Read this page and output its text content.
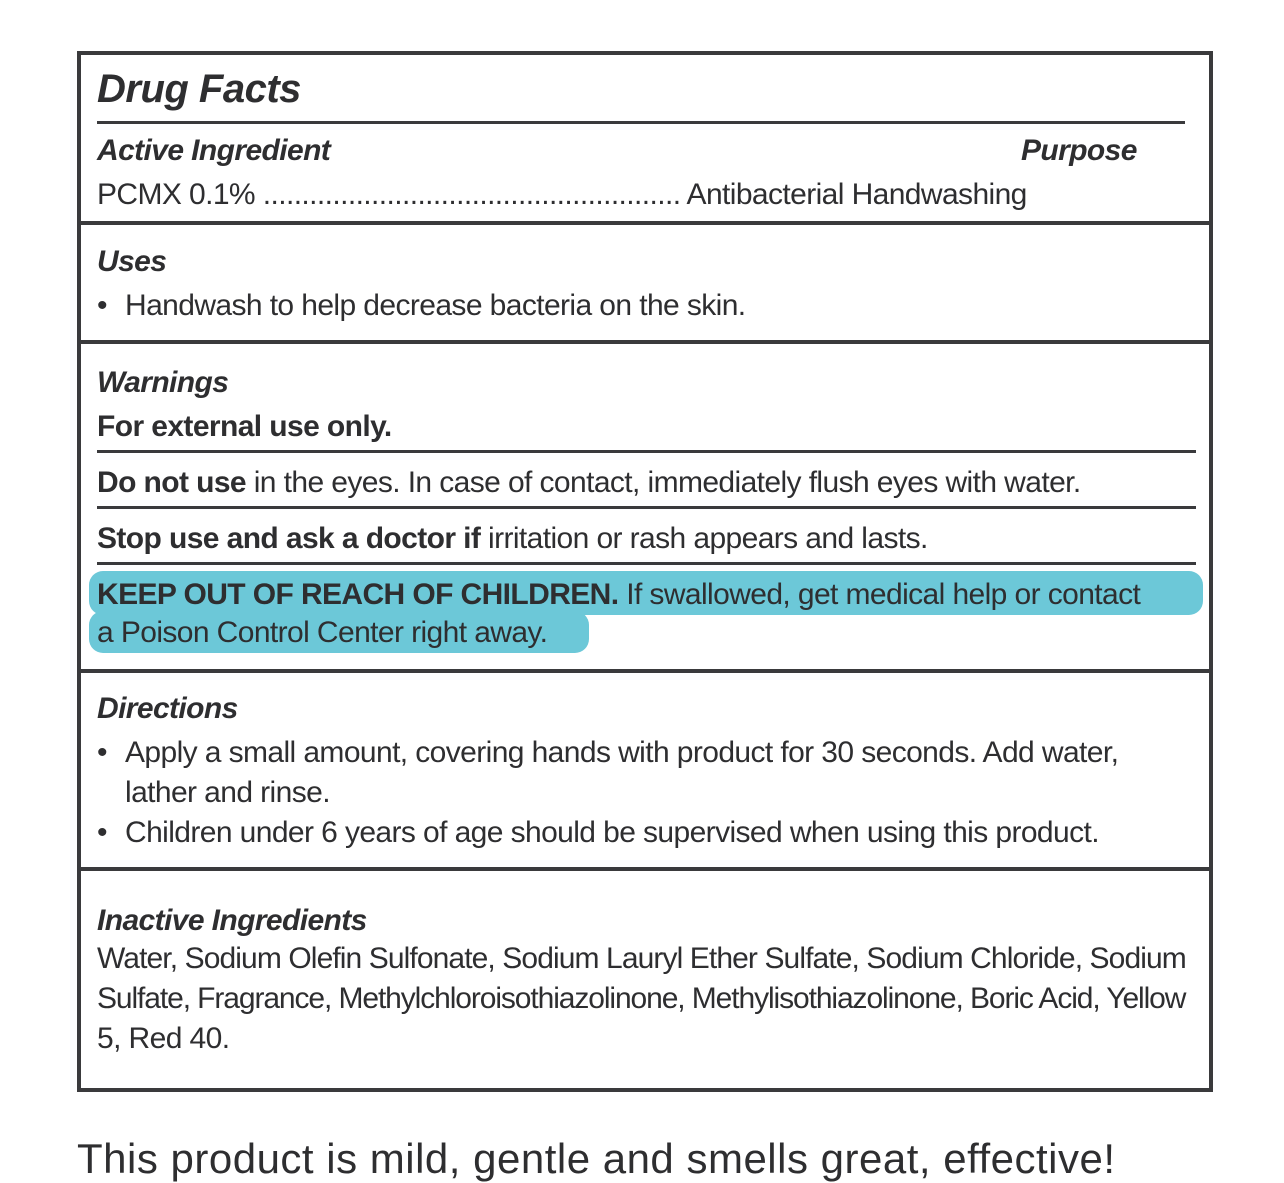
Drug Facts
Active Ingredient	Purpose
PCMX 0.1% ...................................................... Antibacterial Handwashing
Uses
• Handwash to help decrease bacteria on the skin.
Warnings
For external use only.
Do not use in the eyes. In case of contact, immediately flush eyes with water.
Stop use and ask a doctor if irritation or rash appears and lasts.
KEEP OUT OF REACH OF CHILDREN. If swallowed, get medical help or contact
a Poison Control Center right away.
Directions
• Apply a small amount, covering hands with product for 30 seconds. Add water,
lather and rinse.
• Children under 6 years of age should be supervised when using this product.
Inactive Ingredients
Water, Sodium Olefin Sulfonate, Sodium Lauryl Ether Sulfate, Sodium Chloride, Sodium
Sulfate, Fragrance, Methylchloroisothiazolinone, Methylisothiazolinone, Boric Acid, Yellow
5, Red 40.
This product is mild, gentle and smells great, effective!
